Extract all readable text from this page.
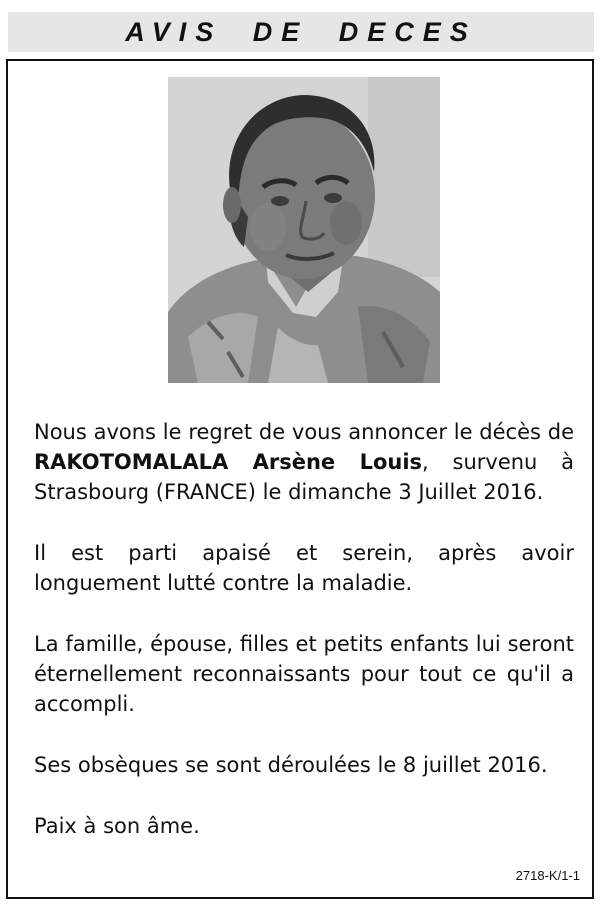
AVIS DE DECES

Nous avons le regret de vous annoncer le décès de RAKOTOMALALA Arsène Louis, survenu à Strasbourg (FRANCE) le dimanche 3 Juillet 2016.

Il est parti apaisé et serein, après avoir longuement lutté contre la maladie.

La famille, épouse, filles et petits enfants lui seront éternellement reconnaissants pour tout ce qu'il a accompli.

Ses obsèques se sont déroulées le 8 juillet 2016.

Paix à son âme.

2718-K/1-1
